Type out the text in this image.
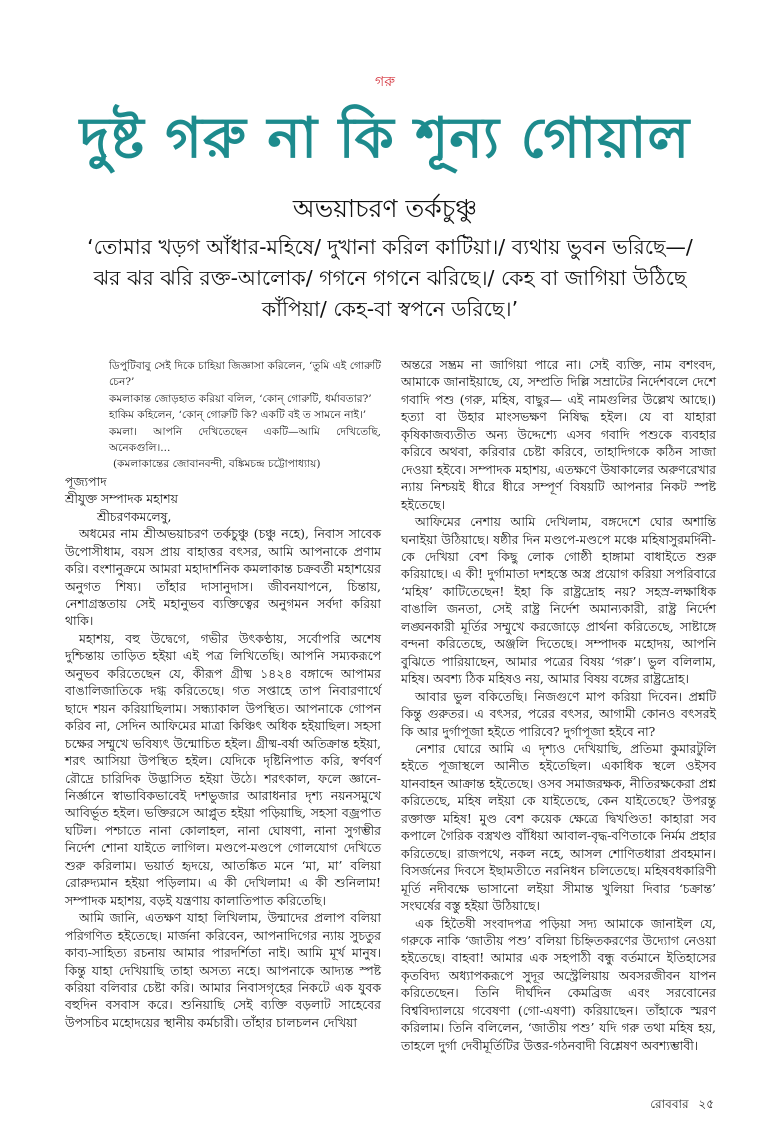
গরু
দুষ্ট গরু না কি শূন্য গোয়াল
অভয়াচরণ তর্কচুঞ্চু
‘তোমার খড়গ আঁধার-মহিষে/ দুখানা করিল কাটিয়া।/ ব্যথায় ভুবন ভরিছে—/
ঝর ঝর ঝরি রক্ত-আলোক/ গগনে গগনে ঝরিছে।/ কেহ বা জাগিয়া উঠিছে
কাঁপিয়া/ কেহ-বা স্বপনে ডরিছে।’

ডিপুটিবাবু সেই দিকে চাহিয়া জিজ্ঞাসা করিলেন, ‘তুমি এই গোরুটি চেন?’

কমলাকান্ত জোড়হাত করিয়া বলিল, ‘কোন্ গোরুটি, ধর্মাবতার?’

হাকিম কহিলেন, ‘কোন্ গোরুটি কি? একটি বই ত সামনে নাই।’

কমলা। আপনি দেখিতেছেন একটি—আমি দেখিতেছি, অনেকগুলি।...

(কমলাকান্তের জোবানবন্দী, বঙ্কিমচন্দ্র চট্টোপাধ্যায়)

পূজ্যপাদ

শ্রীযুক্ত সম্পাদক মহাশয়

শ্রীচরণকমলেষু,

অধমের নাম শ্রীঅভয়াচরণ তর্কচুঞ্চু (চঞ্চু নহে), নিবাস সাবেক উপোসীধাম, বয়স প্রায় বাহাত্তর বৎসর, আমি আপনাকে প্রণাম করি। বংশানুক্রমে আমরা মহাদার্শনিক কমলাকান্ত চক্রবর্তী মহাশয়ের অনুগত শিষ্য। তাঁহার দাসানুদাস। জীবনযাপনে, চিন্তায়, নেশাগ্রস্ততায় সেই মহানুভব ব্যক্তিত্বের অনুগমন সর্বদা করিয়া থাকি।

মহাশয়, বহু উদ্বেগে, গভীর উৎকণ্ঠায়, সর্বোপরি অশেষ দুশ্চিন্তায় তাড়িত হইয়া এই পত্র লিখিতেছি। আপনি সম্যকরূপে অনুভব করিতেছেন যে, কীরূপ গ্রীষ্ম ১৪২৪ বঙ্গাব্দে আপামর বাঙালিজাতিকে দগ্ধ করিতেছে। গত সপ্তাহে তাপ নিবারণার্থে ছাদে শয়ন করিয়াছিলাম। সন্ধ্যাকাল উপস্থিত। আপনাকে গোপন করিব না, সেদিন আফিমের মাত্রা কিঞ্চিৎ অধিক হইয়াছিল। সহসা চক্ষের সম্মুখে ভবিষ্যৎ উন্মোচিত হইল। গ্রীষ্ম-বর্ষা অতিক্রান্ত হইয়া, শরৎ আসিয়া উপস্থিত হইল। যেদিকে দৃষ্টিনিপাত করি, স্বর্ণবর্ণ রৌদ্রে চারিদিক উদ্ভাসিত হইয়া উঠে। শরৎকাল, ফলে জ্ঞানে-নির্জ্ঞানে স্বাভাবিকভাবেই দশভুজার আরাধনার দৃশ্য নয়নসমুখে আবির্ভূত হইল। ভক্তিরসে আপ্লুত হইয়া পড়িয়াছি, সহসা বজ্রপাত ঘটিল। পশ্চাতে নানা কোলাহল, নানা ঘোষণা, নানা সুগম্ভীর নির্দেশ শোনা যাইতে লাগিল। মণ্ডপে-মণ্ডপে গোলযোগ দেখিতে শুরু করিলাম। ভয়ার্ত হৃদয়ে, আতঙ্কিত মনে ‘মা, মা’ বলিয়া রোরুদ্যমান হইয়া পড়িলাম। এ কী দেখিলাম! এ কী শুনিলাম! সম্পাদক মহাশয়, বড়ই যন্ত্রণায় কালাতিপাত করিতেছি।

আমি জানি, এতক্ষণ যাহা লিখিলাম, উন্মাদের প্রলাপ বলিয়া পরিগণিত হইতেছে। মার্জনা করিবেন, আপনাদিগের ন্যায় সুচতুর কাব্য-সাহিত্য রচনায় আমার পারদর্শিতা নাই। আমি মূর্খ মানুষ। কিন্তু যাহা দেখিয়াছি তাহা অসত্য নহে। আপনাকে আদ্যন্ত স্পষ্ট করিয়া বলিবার চেষ্টা করি। আমার নিবাসগৃহের নিকটে এক যুবক বহুদিন বসবাস করে। শুনিয়াছি সেই ব্যক্তি বড়লাট সাহেবের উপসচিব মহোদয়ের স্থানীয় কর্মচারী। তাঁহার চালচলন দেখিয়া

অন্তরে সম্ভ্রম না জাগিয়া পারে না। সেই ব্যক্তি, নাম বশংবদ, আমাকে জানাইয়াছে, যে, সম্প্রতি দিল্লি সম্রাটের নির্দেশবলে দেশে গবাদি পশু (গরু, মহিষ, বাছুর— এই নামগুলির উল্লেখ আছে।) হত্যা বা উহার মাংসভক্ষণ নিষিদ্ধ হইল। যে বা যাহারা কৃষিকাজব্যতীত অন্য উদ্দেশ্যে এসব গবাদি পশুকে ব্যবহার করিবে অথবা, করিবার চেষ্টা করিবে, তাহাদিগকে কঠিন সাজা দেওয়া হইবে। সম্পাদক মহাশয়, এতক্ষণে উষাকালের অরুণরেখার ন্যায় নিশ্চয়ই ধীরে ধীরে সম্পূর্ণ বিষয়টি আপনার নিকট স্পষ্ট হইতেছে।

আফিমের নেশায় আমি দেখিলাম, বঙ্গদেশে ঘোর অশান্তি ঘনাইয়া উঠিয়াছে। ষষ্ঠীর দিন মণ্ডপে-মণ্ডপে মঞ্চে মহিষাসুরমর্দিনী-কে দেখিয়া বেশ কিছু লোক গোষ্ঠী হাঙ্গামা বাধাইতে শুরু করিয়াছে। এ কী! দুর্গামাতা দশহস্তে অস্ত্র প্রয়োগ করিয়া সপরিবারে ‘মহিষ’ কাটিতেছেন! ইহা কি রাষ্ট্রদ্রোহ নয়? সহস্র-লক্ষাধিক বাঙালি জনতা, সেই রাষ্ট্র নির্দেশ অমান্যকারী, রাষ্ট্র নির্দেশ লঙ্ঘনকারী মূর্তির সম্মুখে করজোড়ে প্রার্থনা করিতেছে, সাষ্টাঙ্গে বন্দনা করিতেছে, অঞ্জলি দিতেছে। সম্পাদক মহোদয়, আপনি বুঝিতে পারিয়াছেন, আমার পত্রের বিষয় ‘গরু’। ভুল বলিলাম, মহিষ। অবশ্য ঠিক মহিষও নয়, আমার বিষয় বঙ্গের রাষ্ট্রদ্রোহ।

আবার ভুল বকিতেছি। নিজগুণে মাপ করিয়া দিবেন। প্রশ্নটি কিন্তু গুরুতর। এ বৎসর, পরের বৎসর, আগামী কোনও বৎসরই কি আর দুর্গাপূজা হইতে পারিবে? দুর্গাপূজা হইবে না?

নেশার ঘোরে আমি এ দৃশ্যও দেখিয়াছি, প্রতিমা কুমারটুলি হইতে পূজাস্থলে আনীত হইতেছিল। একাধিক স্থলে ওইসব যানবাহন আক্রান্ত হইতেছে। ওসব সমাজরক্ষক, নীতিরক্ষকেরা প্রশ্ন করিতেছে, মহিষ লইয়া কে যাইতেছে, কেন যাইতেছে? উপরন্তু রক্তাক্ত মহিষ! মুণ্ড বেশ কয়েক ক্ষেত্রে দ্বিখণ্ডিত! কাহারা সব কপালে গৈরিক বস্ত্রখণ্ড বাঁধিয়া আবাল-বৃদ্ধ-বণিতাকে নির্মম প্রহার করিতেছে। রাজপথে, নকল নহে, আসল শোণিতধারা প্রবহমান। বিসর্জনের দিবসে ইছামতীতে নরনিধন চলিতেছে। মহিষবধকারিণী মূর্তি নদীবক্ষে ভাসানো লইয়া সীমান্ত খুলিয়া দিবার ‘চক্রান্ত’ সংঘর্ষের বস্তু হইয়া উঠিয়াছে।

এক হিতৈষী সংবাদপত্র পড়িয়া সদ্য আমাকে জানাইল যে, গরুকে নাকি ‘জাতীয় পশু’ বলিয়া চিহ্নিতকরণের উদ্যোগ নেওয়া হইতেছে। বাহবা! আমার এক সহপাঠী বন্ধু বর্তমানে ইতিহাসের কৃতবিদ্য অধ্যাপকরূপে সুদূর অস্ট্রেলিয়ায় অবসরজীবন যাপন করিতেছেন। তিনি দীর্ঘদিন কেমব্রিজ এবং সরবোনের বিশ্ববিদ্যালয়ে গবেষণা (গো-এষণা) করিয়াছেন। তাঁহাকে স্মরণ করিলাম। তিনি বলিলেন, ‘জাতীয় পশু’ যদি গরু তথা মহিষ হয়, তাহলে দুর্গা দেবীমূর্তিটির উত্তর-গঠনবাদী বিশ্লেষণ অবশ্যম্ভাবী।

রোববার ২৫
